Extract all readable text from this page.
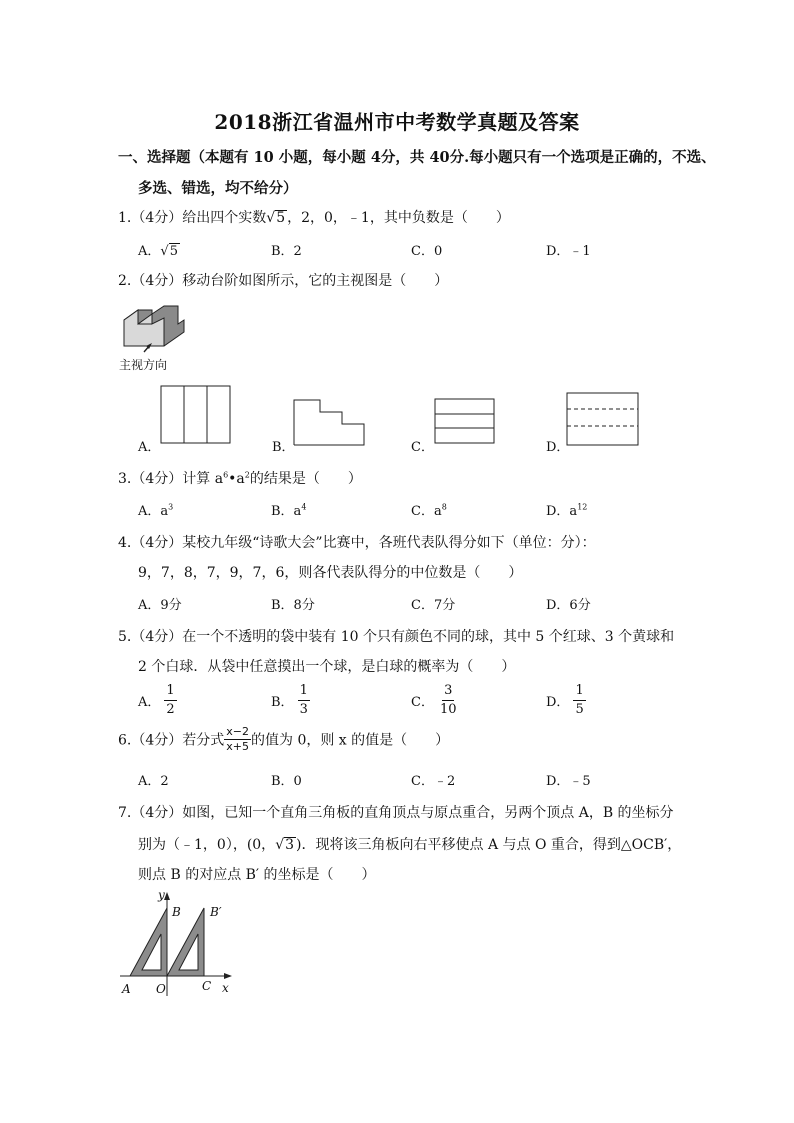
2018浙江省温州市中考数学真题及答案
一、选择题（本题有 10 小题，每小题 4分，共 40分.每小题只有一个选项是正确的，不选、
多选、错选，均不给分）
1.（4分）给出四个实数√5 ，2，0，﹣1，其中负数是（　　）
A．√5	B．2	C．0	D．﹣1
2.（4分）移动台阶如图所示，它的主视图是（　　）
主视方向
A．	B．	C．	D．
3.（4分）计算 $a^6•a^2$的结果是（　　）
A．$a^3$	B．$a^4$	C．$a^8$	D．$a^{12}$
4.（4分）某校九年级“诗歌大会”比赛中，各班代表队得分如下（单位：分）：
9，7，8，7，9，7，6，则各代表队得分的中位数是（　　）
A．9分	B．8分	C．7分	D．6分
5.（4分）在一个不透明的袋中装有 10 个只有颜色不同的球，其中 5 个红球、3 个黄球和
2 个白球．从袋中任意摸出一个球，是白球的概率为（　　）
A． $\frac{1}{2}$	B． $\frac{1}{3}$	C． $\frac{3}{10}$	D． $\frac{1}{5}$
6.（4分）若分式 $\frac{x-2}{x+5}$ 的值为 0，则 x 的值是（　　）
A．2	B．0	C．﹣2	D．﹣5
7.（4分）如图，已知一个直角三角板的直角顶点与原点重合，另两个顶点 A，B 的坐标分
别为（﹣1，0），(0，√3 )．现将该三角板向右平移使点 A 与点 O 重合，得到△OCB′，
则点 B 的对应点 B′ 的坐标是（　　）
y
B B′
A O	C x
